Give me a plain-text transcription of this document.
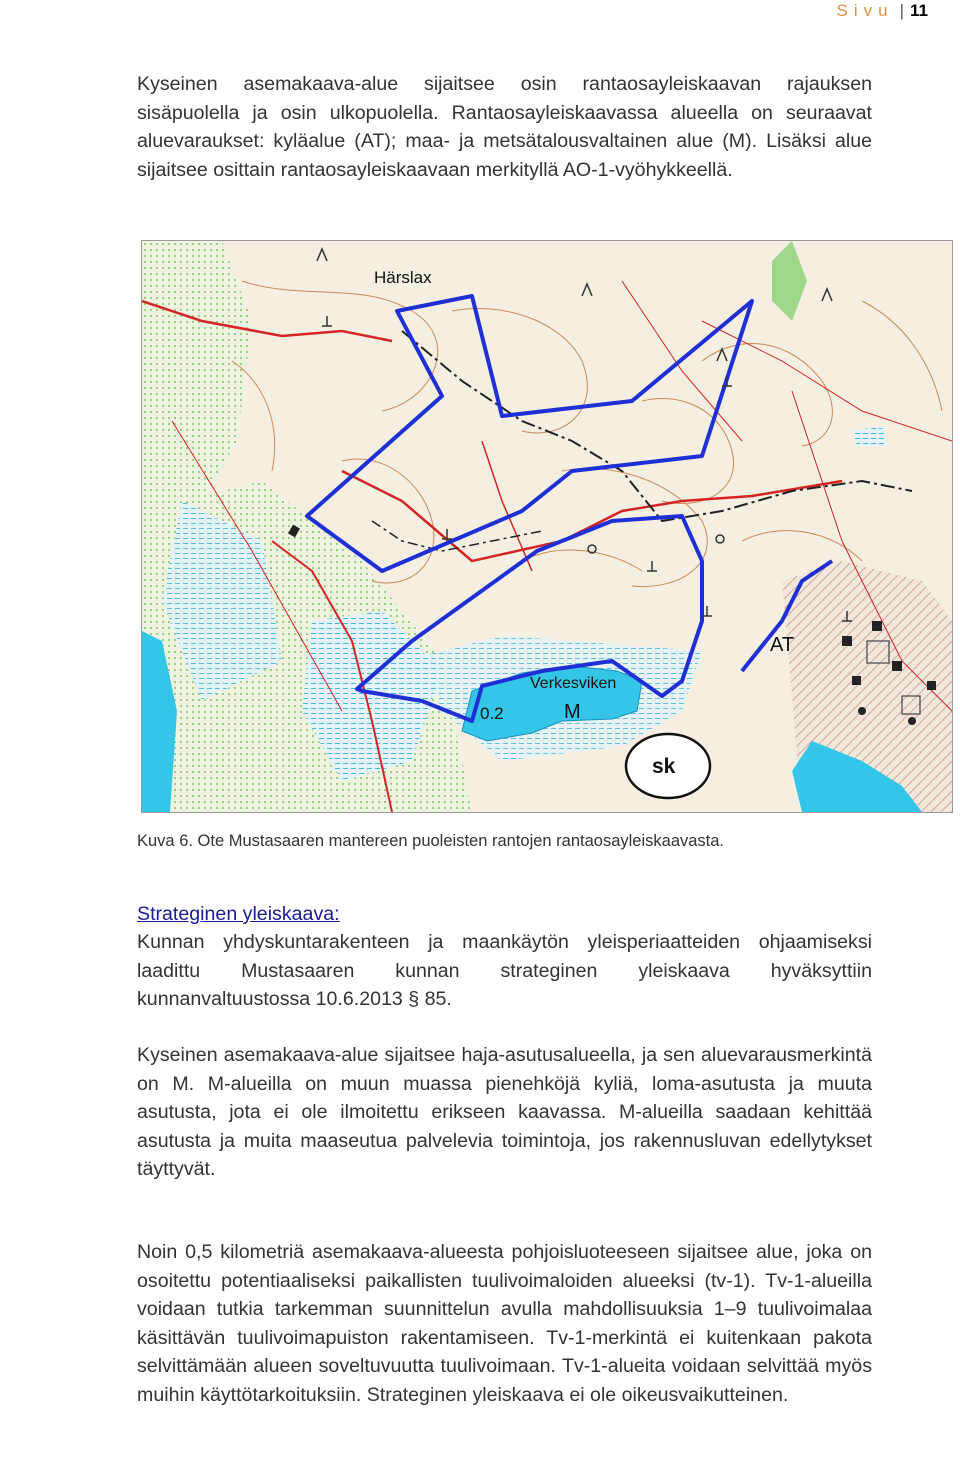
Sivu | 11

Kyseinen asemakaava-alue sijaitsee osin rantaosayleiskaavan rajauksen sisäpuolella ja osin ulkopuolella. Rantaosayleiskaavassa alueella on seuraavat aluevaraukset: kyläalue (AT); maa- ja metsätalousvaltainen alue (M). Lisäksi alue sijaitsee osittain rantaosayleiskaavaan merkityllä AO-1-vyöhykkeellä.

Härslax
AT
Verkesviken
0.2	M
sk
Kuva 6. Ote Mustasaaren mantereen puoleisten rantojen rantaosayleiskaavasta.
Strateginen yleiskaava:

Kunnan yhdyskuntarakenteen ja maankäytön yleisperiaatteiden ohjaamiseksi laadittu Mustasaaren kunnan strateginen yleiskaava hyväksyttiin kunnanvaltuustossa 10.6.2013 § 85.

Kyseinen asemakaava-alue sijaitsee haja-asutusalueella, ja sen aluevarausmerkintä on M. M-alueilla on muun muassa pienehköjä kyliä, loma-asutusta ja muuta asutusta, jota ei ole ilmoitettu erikseen kaavassa. M-alueilla saadaan kehittää asutusta ja muita maaseutua palvelevia toimintoja, jos rakennusluvan edellytykset täyttyvät.

Noin 0,5 kilometriä asemakaava-alueesta pohjoisluoteeseen sijaitsee alue, joka on osoitettu potentiaaliseksi paikallisten tuulivoimaloiden alueeksi (tv-1). Tv-1-alueilla voidaan tutkia tarkemman suunnittelun avulla mahdollisuuksia 1–9 tuulivoimalaa käsittävän tuulivoimapuiston rakentamiseen. Tv-1-merkintä ei kuitenkaan pakota selvittämään alueen soveltuvuutta tuulivoimaan. Tv-1-alueita voidaan selvittää myös muihin käyttötarkoituksiin. Strateginen yleiskaava ei ole oikeusvaikutteinen.
